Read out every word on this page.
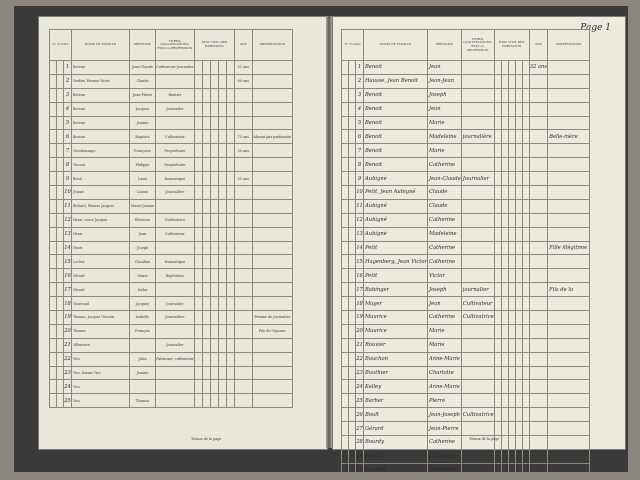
N° d'ordre			NOMS DE FAMILLE	PRÉNOMS	TITRES, QUALIFICATIONS, ÉTAT ou PROFESSION	ÉTAT CIVIL DES HABITANTS					AGE	OBSERVATIONS
		1	Bovisse	Jean-Claude	Cultivateur-Journalier						52 ans	
		2	Verdier, Etienne Victor	Claude							80 ans	
		3	Bovisse	Jean-Pierre	Rentier							
		4	Bovisse	Jacques	Journalier							
		5	Bovisse	Jeanne								
		6	Bovisse	Baptiste	Cultivateur						75 ans	Absent par profession
		7	Grosdemange	Françoise	Propriétaire						30 ans	
		8	Vincent	Philippe	Propriétaire							
		9	Boisé	Louis	Domestique						35 ans	
		10	Jeanne	Louise	Journalière							
		11	Richard, Etienne Jacques	Marie-Jeanne								
		12	Henri, veuve Jacques	Éléonore	Cultivatrice							
		13	Henri	Jean	Cultivateur							
		14	Henri	Joseph								
		15	Leclerc	Claudine	Domestique							
		16	Gérard	Marie	Répétiteur							
		17	Gérard	Isidor								
		18	Tisserand	Jacques	Journalier							
		19	Thomas, Jacques Victorin	Isabelle	Journalière							Femme de journalier
		20	Thomas	François								Fils de l'épouse
		21	Villeneuve		Journalier							
		22	Vivs	Jules	Fabricant, cultivateur							
		23	Vivs, femme Vivs	Jeanne								
		24	Vivs									
		25	Vivs	Thomas								
Totaux de la page
Page 1
N° d'ordre			NOMS DE FAMILLE	PRÉNOMS	TITRES, QUALIFICATIONS, ÉTAT ou PROFESSION	ÉTAT CIVIL DES HABITANTS					AGE	OBSERVATIONS
		1	Benoit	Jean							32 ans	
		2	Hausse, Jean Benoit	Jean-Jean								
		3	Benoit	Joseph								
		4	Benoit	Jean								
		5	Benoit	Marie								
		6	Benoit	Madeleine	journalière							Belle-mère
		7	Benoit	Marie								
		8	Benoit	Catherine								
		9	Aubigné	Jean-Claude	Journalier							
		10	Petit, Jean Aubigné	Claude								
		11	Aubigné	Claude								
		12	Aubigné	Catherine								
		13	Aubigné	Madeleine								
		14	Petit	Catherine								Fille illégitime
		15	Hagenberg, Jean Victor	Catherine								
		16	Petit	Victor								
		17	Babinger	Joseph	journalier							Fils de la
		18	Mayer	Jean	Cultivateur							
		19	Maurice	Catherine	Cultivatrice							
		20	Maurice	Marie								
		21	Rouvier	Marie								
		22	Bouchon	Anne-Marie								
		23	Bouthier	Charlotte								
		24	Kelley	Anne-Marie								
		25	Barber	Pierre								
		26	Boult	Jean-Joseph	Cultivatrice							
		27	Gérard	Jean-Pierre								
		28	Bourdy	Catherine								
		29	Bertsch	Catherine								
		30	Laurent	Anne-Marie								
Totaux de la page
